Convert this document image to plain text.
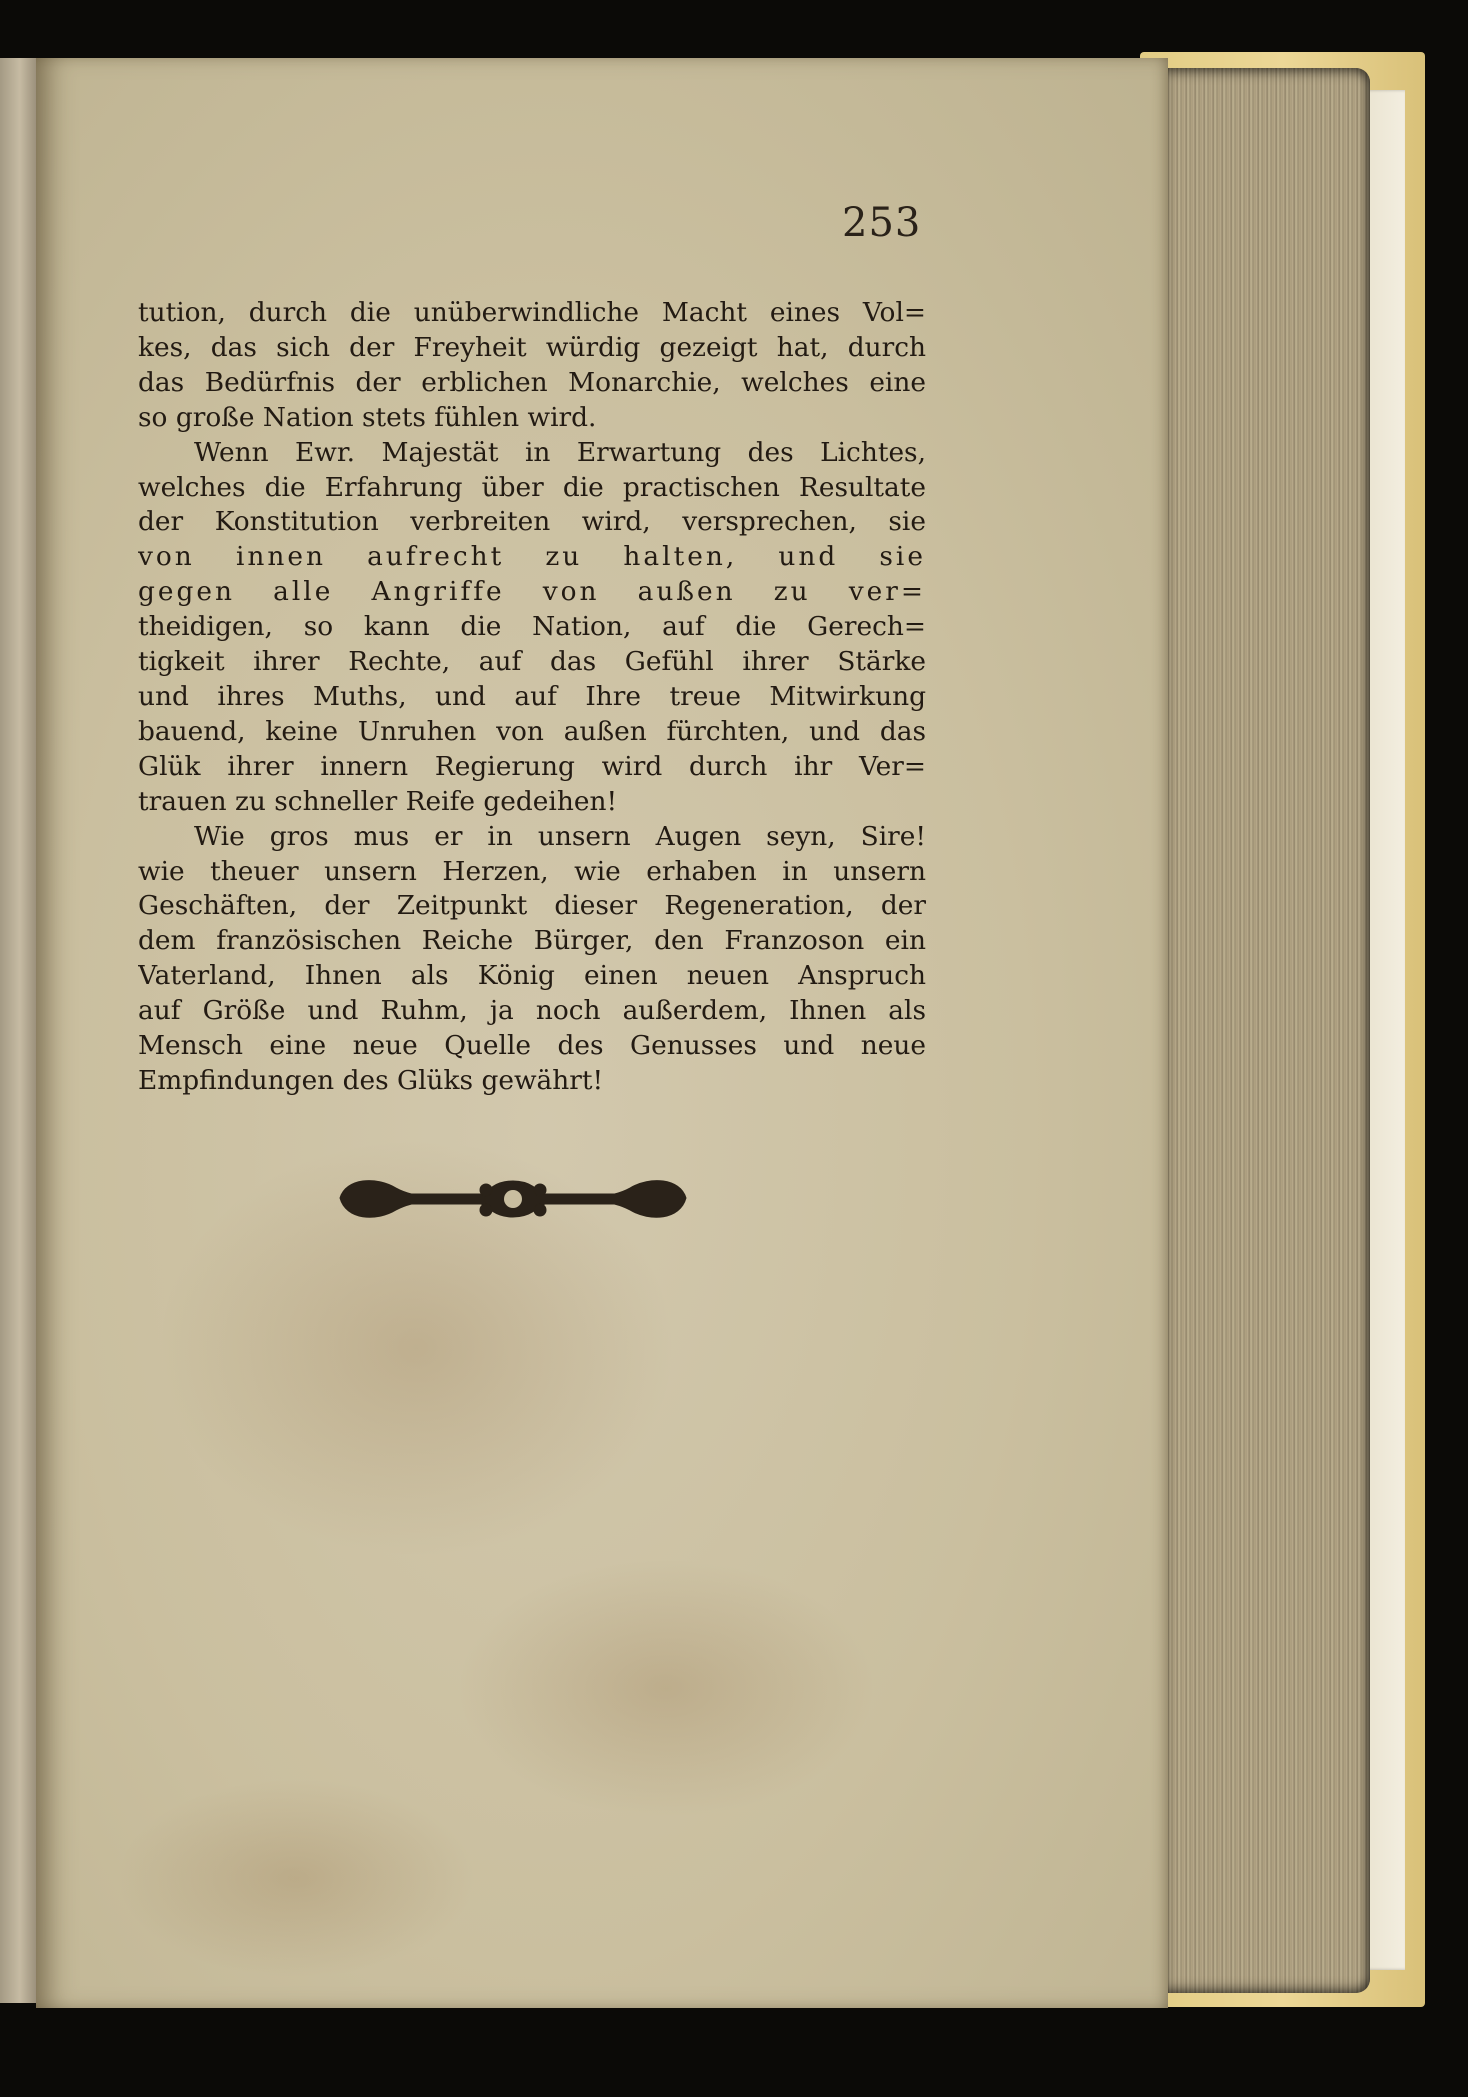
253
tution, durch die unüberwindliche Macht eines Vol=
kes, das sich der Freyheit würdig gezeigt hat, durch
das Bedürfnis der erblichen Monarchie, welches eine
so große Nation stets fühlen wird.
Wenn Ewr. Majestät in Erwartung des Lichtes,
welches die Erfahrung über die practischen Resultate
der Konstitution verbreiten wird, versprechen, sie
von innen aufrecht zu halten, und sie
gegen alle Angriffe von außen zu ver=
theidigen, so kann die Nation, auf die Gerech=
tigkeit ihrer Rechte, auf das Gefühl ihrer Stärke
und ihres Muths, und auf Ihre treue Mitwirkung
bauend, keine Unruhen von außen fürchten, und das
Glük ihrer innern Regierung wird durch ihr Ver=
trauen zu schneller Reife gedeihen!
Wie gros mus er in unsern Augen seyn, Sire!
wie theuer unsern Herzen, wie erhaben in unsern
Geschäften, der Zeitpunkt dieser Regeneration, der
dem französischen Reiche Bürger, den Franzoson ein
Vaterland, Ihnen als König einen neuen Anspruch
auf Größe und Ruhm, ja noch außerdem, Ihnen als
Mensch eine neue Quelle des Genusses und neue
Empfindungen des Glüks gewährt!
